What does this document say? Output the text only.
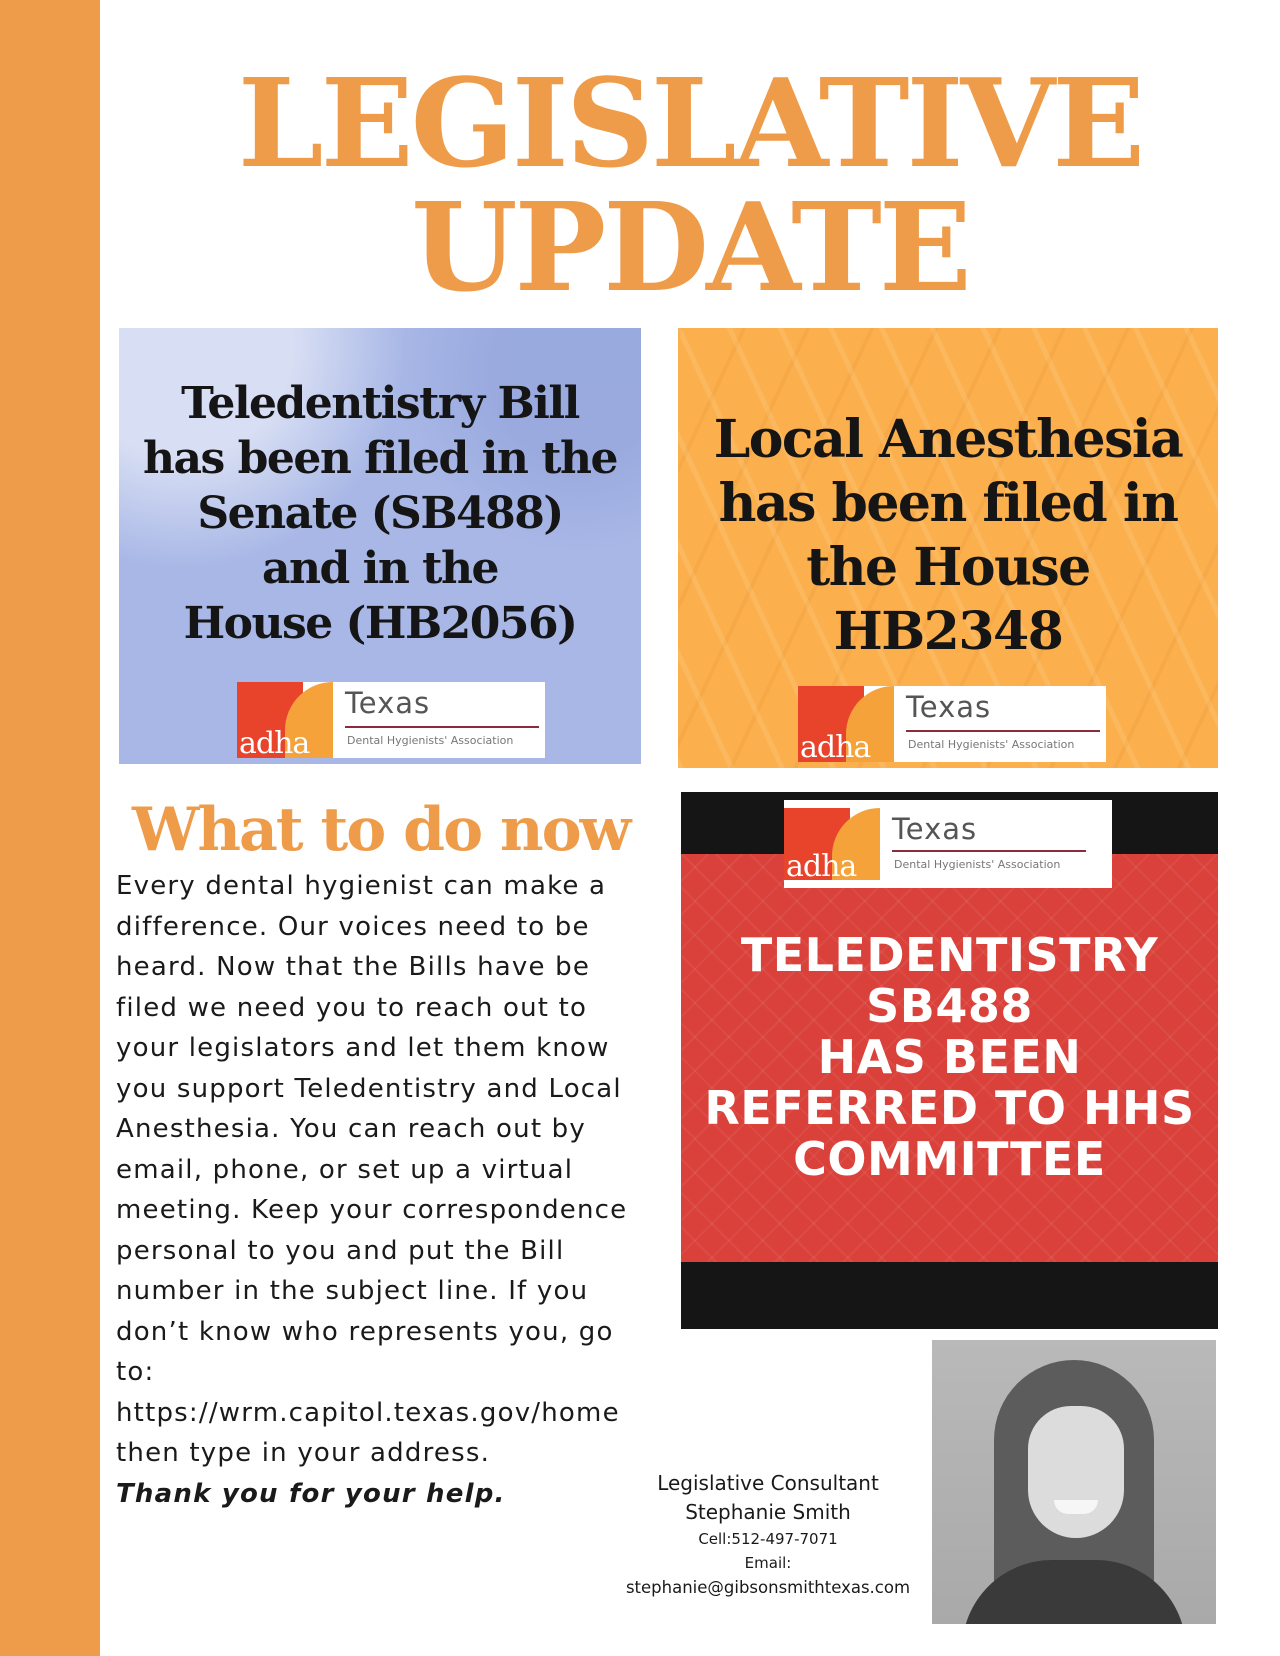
LEGISLATIVE
UPDATE
Teledentistry Bill
has been filed in the
Senate (SB488)
and in the
House (HB2056)
adha
Texas
Dental Hygienists' Association
Local Anesthesia
has been filed in
the House
HB2348
adha
Texas
Dental Hygienists' Association
adha
Texas
Dental Hygienists' Association
TELEDENTISTRY
SB488
HAS BEEN
REFERRED TO HHS
COMMITTEE
What to do now

Every dental hygienist can make a

difference. Our voices need to be

heard. Now that the Bills have be

filed we need you to reach out to

your legislators and let them know

you support Teledentistry and Local

Anesthesia. You can reach out by

email, phone, or set up a virtual

meeting. Keep your correspondence

personal to you and put the Bill

number in the subject line. If you

don’t know who represents you, go

to:

https://wrm.capitol.texas.gov/home

then type in your address.

Thank you for your help.	Legislative Consultant
Stephanie Smith
Cell:512-497-7071
Email:
stephanie@gibsonsmithtexas.com
